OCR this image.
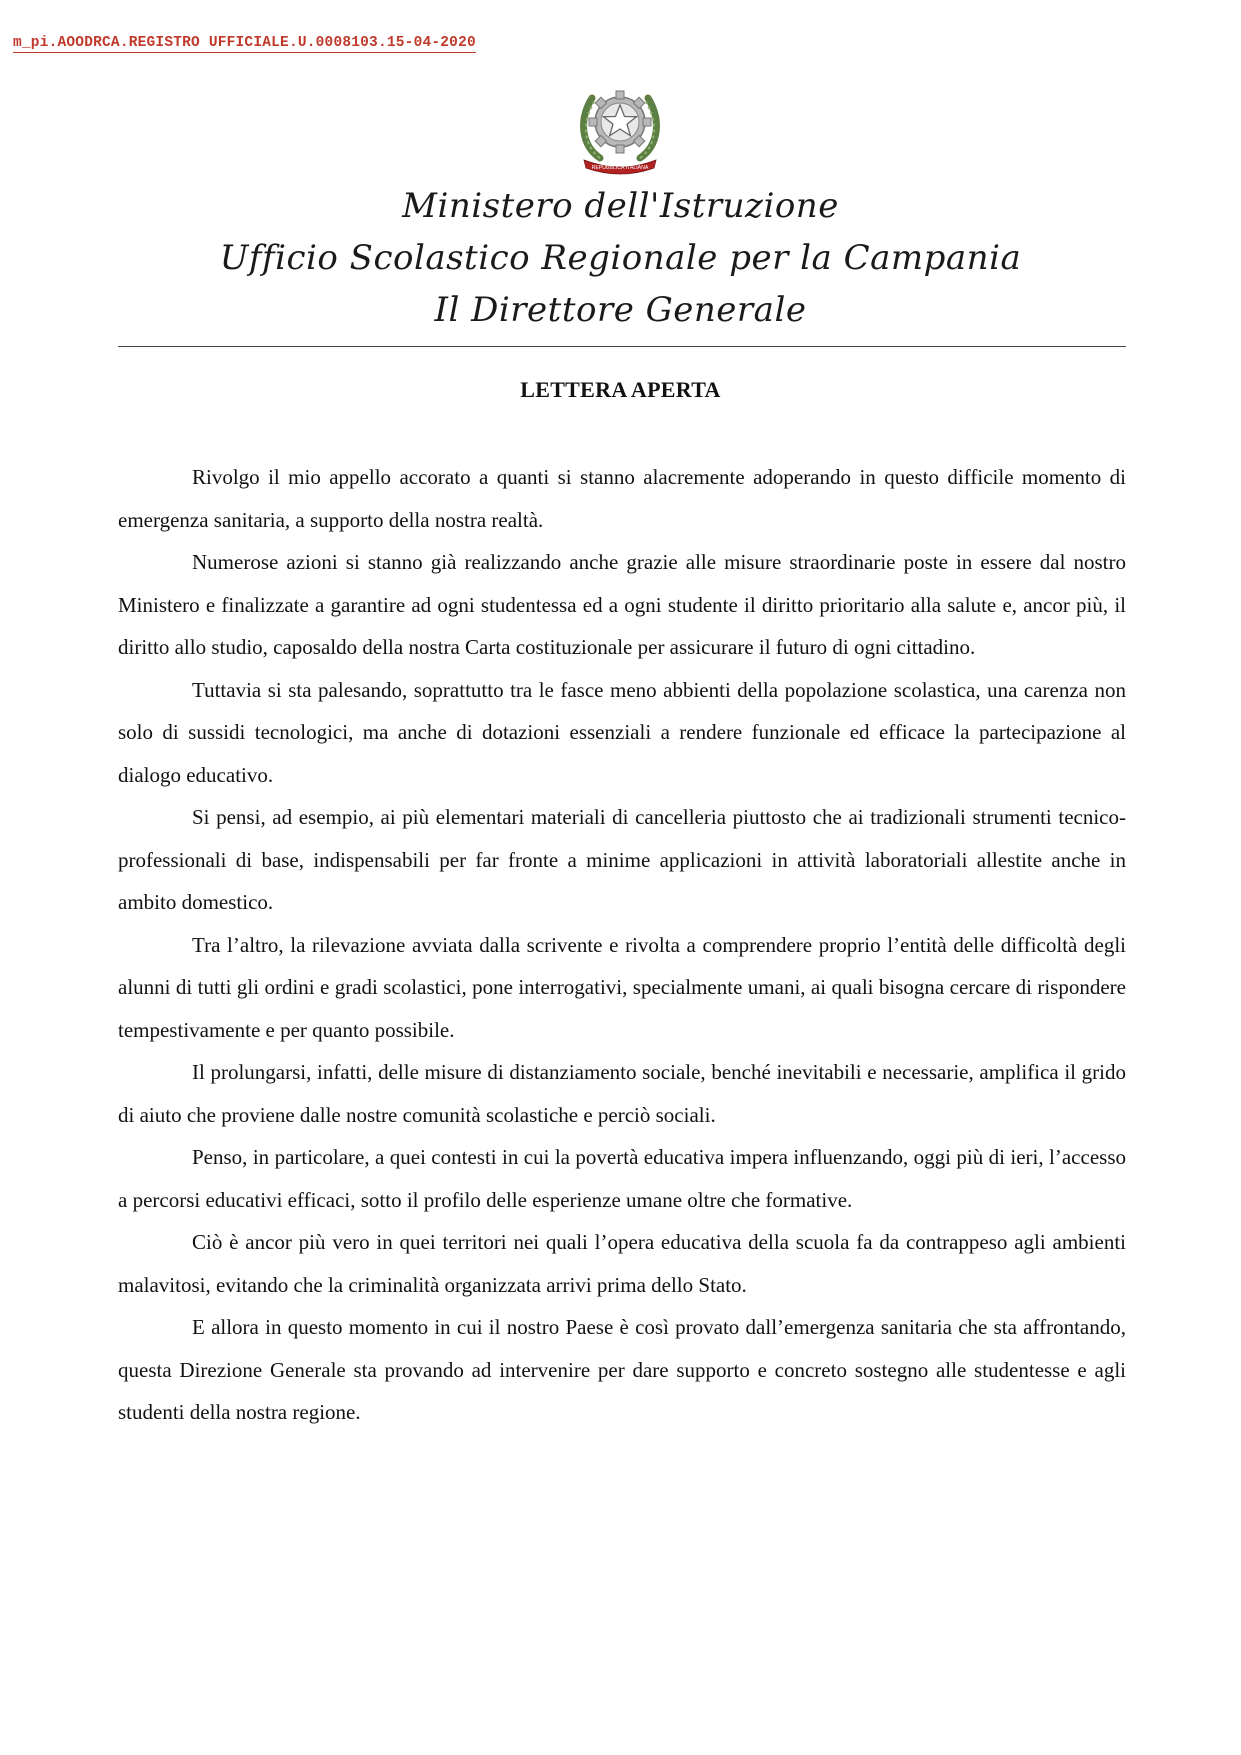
m_pi.AOODRCA.REGISTRO UFFICIALE.U.0008103.15-04-2020
REPUBBLICA ITALIANA
Ministero dell'Istruzione
Ufficio Scolastico Regionale per la Campania
Il Direttore Generale
LETTERA APERTA

Rivolgo il mio appello accorato a quanti si stanno alacremente adoperando in questo difficile momento di emergenza sanitaria, a supporto della nostra realtà.

Numerose azioni si stanno già realizzando anche grazie alle misure straordinarie poste in essere dal nostro Ministero e finalizzate a garantire ad ogni studentessa ed a ogni studente il diritto prioritario alla salute e, ancor più, il diritto allo studio, caposaldo della nostra Carta costituzionale per assicurare il futuro di ogni cittadino.

Tuttavia si sta palesando, soprattutto tra le fasce meno abbienti della popolazione scolastica, una carenza non solo di sussidi tecnologici, ma anche di dotazioni essenziali a rendere funzionale ed efficace la partecipazione al dialogo educativo.

Si pensi, ad esempio, ai più elementari materiali di cancelleria piuttosto che ai tradizionali strumenti tecnico-professionali di base, indispensabili per far fronte a minime applicazioni in attività laboratoriali allestite anche in ambito domestico.

Tra l’altro, la rilevazione avviata dalla scrivente e rivolta a comprendere proprio l’entità delle difficoltà degli alunni di tutti gli ordini e gradi scolastici, pone interrogativi, specialmente umani, ai quali bisogna cercare di rispondere tempestivamente e per quanto possibile.

Il prolungarsi, infatti, delle misure di distanziamento sociale, benché inevitabili e necessarie, amplifica il grido di aiuto che proviene dalle nostre comunità scolastiche e perciò sociali.

Penso, in particolare, a quei contesti in cui la povertà educativa impera influenzando, oggi più di ieri, l’accesso a percorsi educativi efficaci, sotto il profilo delle esperienze umane oltre che formative.

Ciò è ancor più vero in quei territori nei quali l’opera educativa della scuola fa da contrappeso agli ambienti malavitosi, evitando che la criminalità organizzata arrivi prima dello Stato.

E allora in questo momento in cui il nostro Paese è così provato dall’emergenza sanitaria che sta affrontando, questa Direzione Generale sta provando ad intervenire per dare supporto e concreto sostegno alle studentesse e agli studenti della nostra regione.
